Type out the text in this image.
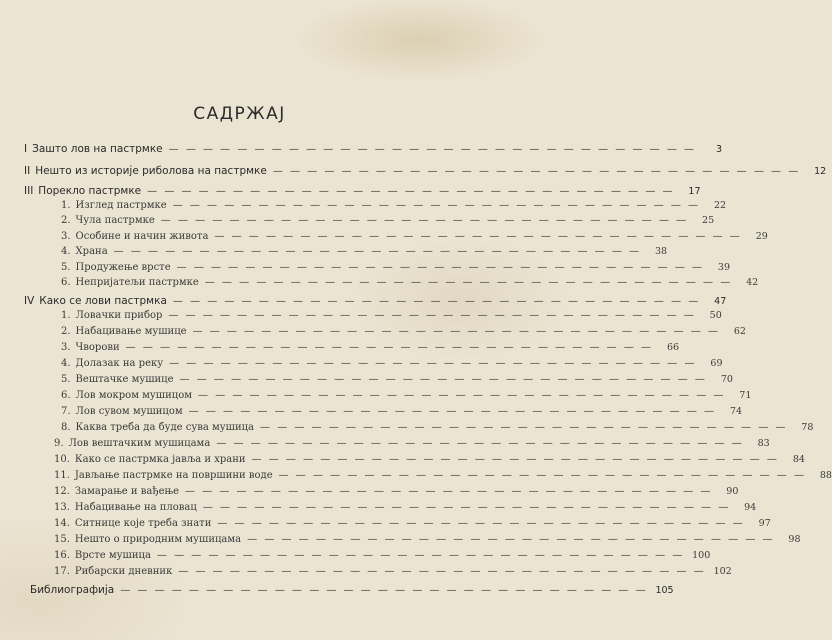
САДРЖАЈ
I Зашто лов на пастрмке — — — — — — — — — — — — — — — — — — — — — — — — — — — — — — —	3
II Нешто из историје риболова на пастрмке — — — — — — — — — — — — — — — — — — — — — — — — — — — — — — —	12
III Порекло пастрмке — — — — — — — — — — — — — — — — — — — — — — — — — — — — — — —	17
1. Изглед пастрмке — — — — — — — — — — — — — — — — — — — — — — — — — — — — — — —	22
2. Чула пастрмке — — — — — — — — — — — — — — — — — — — — — — — — — — — — — — —	25
3. Особине и начин живота — — — — — — — — — — — — — — — — — — — — — — — — — — — — — — —	29
4. Храна — — — — — — — — — — — — — — — — — — — — — — — — — — — — — — —	38
5. Продужење врсте — — — — — — — — — — — — — — — — — — — — — — — — — — — — — — —	39
6. Непријатељи пастрмке — — — — — — — — — — — — — — — — — — — — — — — — — — — — — — —	42
IV Како се лови пастрмка — — — — — — — — — — — — — — — — — — — — — — — — — — — — — — —	47
1. Ловачки прибор — — — — — — — — — — — — — — — — — — — — — — — — — — — — — — —	50
2. Набацивање мушице — — — — — — — — — — — — — — — — — — — — — — — — — — — — — — —	62
3. Чворови — — — — — — — — — — — — — — — — — — — — — — — — — — — — — — —	66
4. Долазак на реку — — — — — — — — — — — — — — — — — — — — — — — — — — — — — — —	69
5. Вештачке мушице — — — — — — — — — — — — — — — — — — — — — — — — — — — — — — —	70
6. Лов мокром мушицом — — — — — — — — — — — — — — — — — — — — — — — — — — — — — — —	71
7. Лов сувом мушицом — — — — — — — — — — — — — — — — — — — — — — — — — — — — — — —	74
8. Каква треба да буде сува мушица — — — — — — — — — — — — — — — — — — — — — — — — — — — — — — —	78
9. Лов вештачким мушицама — — — — — — — — — — — — — — — — — — — — — — — — — — — — — — —	83
10. Како се пастрмка јавља и храни — — — — — — — — — — — — — — — — — — — — — — — — — — — — — — —	84
11. Јављање пастрмке на површини воде — — — — — — — — — — — — — — — — — — — — — — — — — — — — — — —	88
12. Замарање и вађење — — — — — — — — — — — — — — — — — — — — — — — — — — — — — — —	90
13. Набацивање на пловац — — — — — — — — — — — — — — — — — — — — — — — — — — — — — — —	94
14. Ситнице које треба знати — — — — — — — — — — — — — — — — — — — — — — — — — — — — — — —	97
15. Нешто о природним мушицама — — — — — — — — — — — — — — — — — — — — — — — — — — — — — — —	98
16. Врсте мушица — — — — — — — — — — — — — — — — — — — — — — — — — — — — — — — 100
17. Рибарски дневник — — — — — — — — — — — — — — — — — — — — — — — — — — — — — — — 102
Библиографија — — — — — — — — — — — — — — — — — — — — — — — — — — — — — — — 105
